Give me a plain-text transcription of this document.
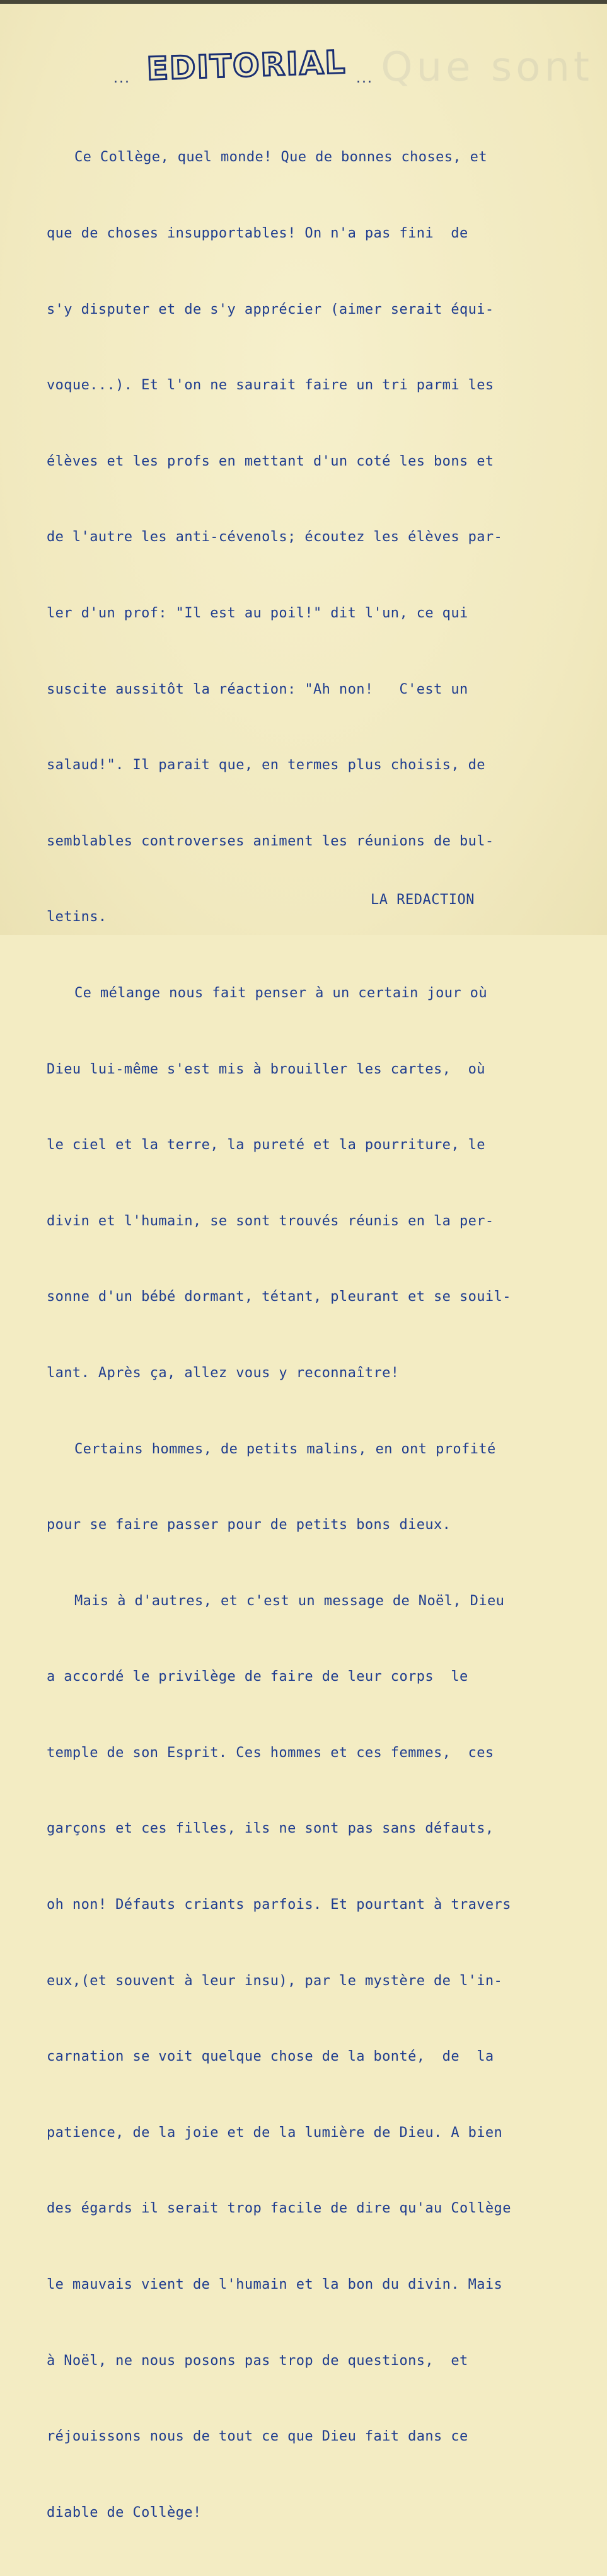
Que sont
... EDITORIAL ...

Ce Collège, quel monde! Que de bonnes choses, et

que de choses insupportables! On n'a pas fini  de

s'y disputer et de s'y apprécier (aimer serait équi-

voque...). Et l'on ne saurait faire un tri parmi les

élèves et les profs en mettant d'un coté les bons et

de l'autre les anti-cévenols; écoutez les élèves par-

ler d'un prof: "Il est au poil!" dit l'un, ce qui

suscite aussitôt la réaction: "Ah non!   C'est un

salaud!". Il parait que, en termes plus choisis, de

semblables controverses animent les réunions de bul-

letins.

Ce mélange nous fait penser à un certain jour où

Dieu lui-même s'est mis à brouiller les cartes,  où

le ciel et la terre, la pureté et la pourriture, le

divin et l'humain, se sont trouvés réunis en la per-

sonne d'un bébé dormant, tétant, pleurant et se souil-

lant. Après ça, allez vous y reconnaître!

Certains hommes, de petits malins, en ont profité

pour se faire passer pour de petits bons dieux.

Mais à d'autres, et c'est un message de Noël, Dieu

a accordé le privilège de faire de leur corps  le

temple de son Esprit. Ces hommes et ces femmes,  ces

garçons et ces filles, ils ne sont pas sans défauts,

oh non! Défauts criants parfois. Et pourtant à travers

eux,(et souvent à leur insu), par le mystère de l'in-

carnation se voit quelque chose de la bonté,  de  la

patience, de la joie et de la lumière de Dieu. A bien

des égards il serait trop facile de dire qu'au Collège

le mauvais vient de l'humain et la bon du divin. Mais

à Noël, ne nous posons pas trop de questions,  et

réjouissons nous de tout ce que Dieu fait dans ce

diable de Collège!

LA REDACTION
